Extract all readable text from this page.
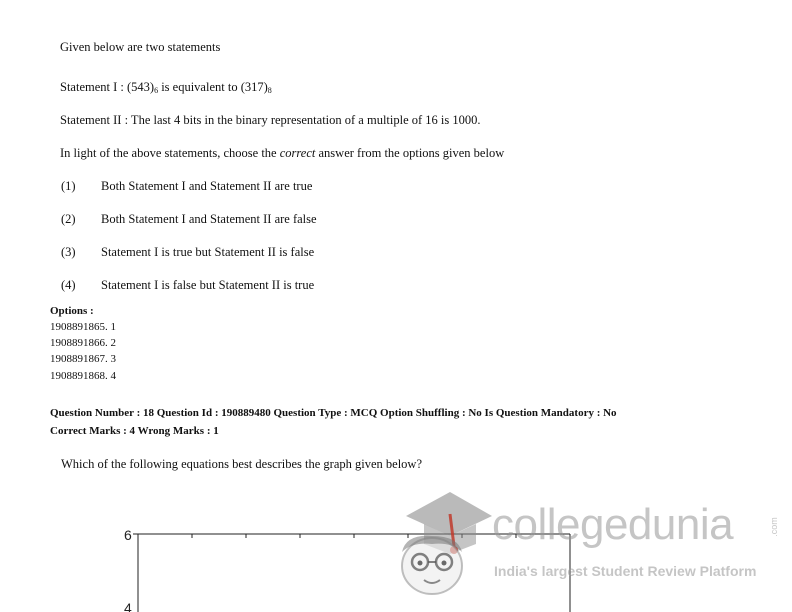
Given below are two statements
Statement I : $(543)_6$ is equivalent to $(317)_8$
Statement II : The last 4 bits in the binary representation of a multiple of 16 is 1000.
In light of the above statements, choose the correct answer from the options given below
(1) Both Statement I and Statement II are true
(2) Both Statement I and Statement II are false
(3) Statement I is true but Statement II is false
(4) Statement I is false but Statement II is true
Options :
1908891865. 1
1908891866. 2
1908891867. 3
1908891868. 4
Question Number : 18 Question Id : 190889480 Question Type : MCQ Option Shuffling : No Is Question Mandatory : No
Correct Marks : 4 Wrong Marks : 1
Which of the following equations best describes the graph given below?
6
4
collegedunia	.com
India's largest Student Review Platform
